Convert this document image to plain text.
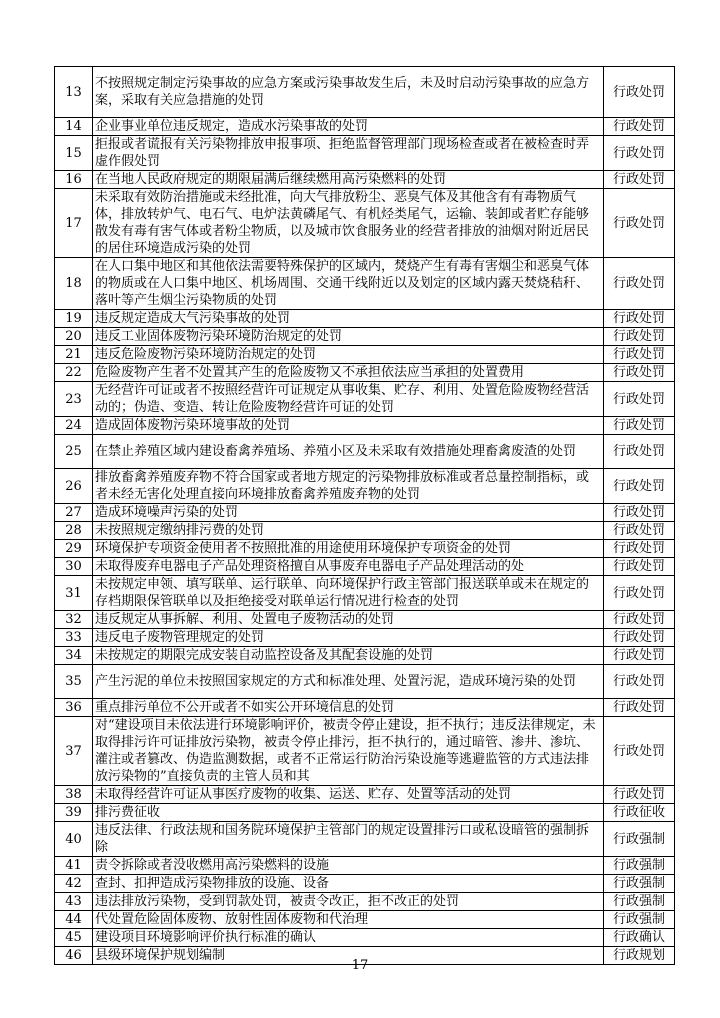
13	不按照规定制定污染事故的应急方案或污染事故发生后，未及时启动污染事故的应急方案，采取有关应急措施的处罚	行政处罚
14	企业事业单位违反规定，造成水污染事故的处罚	行政处罚
15	拒报或者谎报有关污染物排放申报事项、拒绝监督管理部门现场检查或者在被检查时弄虚作假处罚	行政处罚
16	在当地人民政府规定的期限届满后继续燃用高污染燃料的处罚	行政处罚
17	未采取有效防治措施或未经批准，向大气排放粉尘、恶臭气体及其他含有有毒物质气体，排放转炉气、电石气、电炉法黄磷尾气、有机烃类尾气，运输、装卸或者贮存能够散发有毒有害气体或者粉尘物质，以及城市饮食服务业的经营者排放的油烟对附近居民的居住环境造成污染的处罚	行政处罚
18	在人口集中地区和其他依法需要特殊保护的区域内，焚烧产生有毒有害烟尘和恶臭气体的物质或在人口集中地区、机场周围、交通干线附近以及划定的区域内露天焚烧秸秆、落叶等产生烟尘污染物质的处罚	行政处罚
19	违反规定造成大气污染事故的处罚	行政处罚
20	违反工业固体废物污染环境防治规定的处罚	行政处罚
21	违反危险废物污染环境防治规定的处罚	行政处罚
22	危险废物产生者不处置其产生的危险废物又不承担依法应当承担的处置费用	行政处罚
23	无经营许可证或者不按照经营许可证规定从事收集、贮存、利用、处置危险废物经营活动的；伪造、变造、转让危险废物经营许可证的处罚	行政处罚
24	造成固体废物污染环境事故的处罚	行政处罚
25	在禁止养殖区域内建设畜禽养殖场、养殖小区及未采取有效措施处理畜禽废渣的处罚	行政处罚
26	排放畜禽养殖废弃物不符合国家或者地方规定的污染物排放标准或者总量控制指标，或者未经无害化处理直接向环境排放畜禽养殖废弃物的处罚	行政处罚
27	造成环境噪声污染的处罚	行政处罚
28	未按照规定缴纳排污费的处罚	行政处罚
29	环境保护专项资金使用者不按照批准的用途使用环境保护专项资金的处罚	行政处罚
30	未取得废弃电器电子产品处理资格擅自从事废弃电器电子产品处理活动的处	行政处罚
31	未按规定申领、填写联单、运行联单、向环境保护行政主管部门报送联单或未在规定的存档期限保管联单以及拒绝接受对联单运行情况进行检查的处罚	行政处罚
32	违反规定从事拆解、利用、处置电子废物活动的处罚	行政处罚
33	违反电子废物管理规定的处罚	行政处罚
34	未按规定的期限完成安装自动监控设备及其配套设施的处罚	行政处罚
35	产生污泥的单位未按照国家规定的方式和标准处理、处置污泥，造成环境污染的处罚	行政处罚
36	重点排污单位不公开或者不如实公开环境信息的处罚	行政处罚
37	对“建设项目未依法进行环境影响评价，被责令停止建设，拒不执行；违反法律规定，未取得排污许可证排放污染物，被责令停止排污，拒不执行的，通过暗管、渗井、渗坑、灌注或者篡改、伪造监测数据，或者不正常运行防治污染设施等逃避监管的方式违法排放污染物的”直接负责的主管人员和其	行政处罚
38	未取得经营许可证从事医疗废物的收集、运送、贮存、处置等活动的处罚	行政处罚
39	排污费征收	行政征收
40	违反法律、行政法规和国务院环境保护主管部门的规定设置排污口或私设暗管的强制拆除	行政强制
41	责令拆除或者没收燃用高污染燃料的设施	行政强制
42	查封、扣押造成污染物排放的设施、设备	行政强制
43	违法排放污染物，受到罚款处罚，被责令改正，拒不改正的处罚	行政强制
44	代处置危险固体废物、放射性固体废物和代治理	行政强制
45	建设项目环境影响评价执行标准的确认	行政确认
46	县级环境保护规划编制	行政规划
17
